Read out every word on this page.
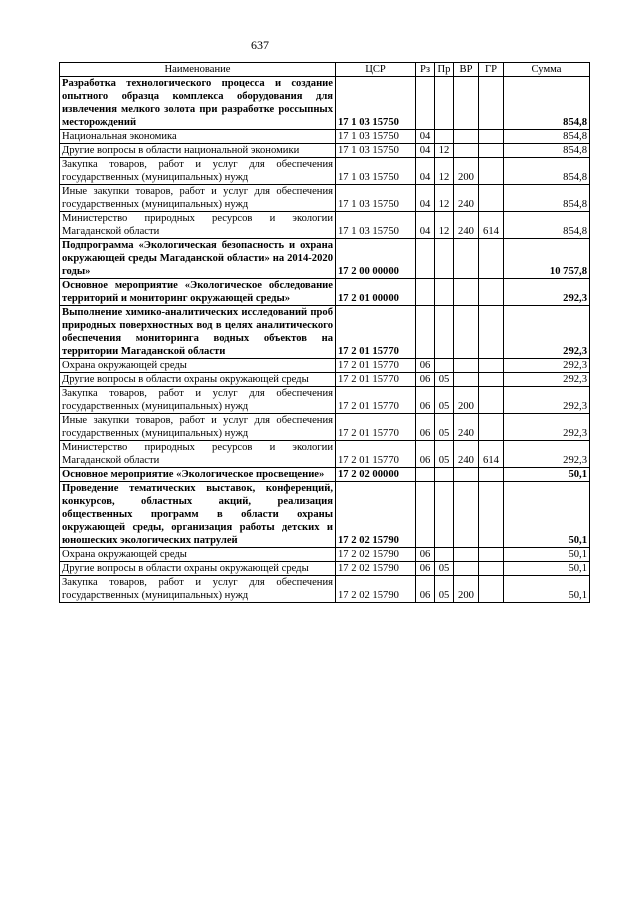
637
Наименование	ЦСР	Рз	Пр	ВР	ГР	Сумма
Разработка технологического процесса и создание опытного образца комплекса оборудования для извлечения мелкого золота при разработке россыпных месторождений	17 1 03 15750					854,8
Национальная экономика	17 1 03 15750	04				854,8
Другие вопросы в области национальной экономики	17 1 03 15750	04	12			854,8
Закупка товаров, работ и услуг для обеспечения государственных (муниципальных) нужд	17 1 03 15750	04	12	200		854,8
Иные закупки товаров, работ и услуг для обеспечения государственных (муниципальных) нужд	17 1 03 15750	04	12	240		854,8
Министерство природных ресурсов и экологии Магаданской области	17 1 03 15750	04	12	240	614	854,8
Подпрограмма «Экологическая безопасность и охрана окружающей среды Магаданской области» на 2014-2020 годы»	17 2 00 00000					10 757,8
Основное мероприятие «Экологическое обследование территорий и мониторинг окружающей среды»	17 2 01 00000					292,3
Выполнение химико-аналитических исследований проб природных поверхностных вод в целях аналитического обеспечения мониторинга водных объектов на территории Магаданской области	17 2 01 15770					292,3
Охрана окружающей среды	17 2 01 15770	06				292,3
Другие вопросы в области охраны окружающей среды	17 2 01 15770	06	05			292,3
Закупка товаров, работ и услуг для обеспечения государственных (муниципальных) нужд	17 2 01 15770	06	05	200		292,3
Иные закупки товаров, работ и услуг для обеспечения государственных (муниципальных) нужд	17 2 01 15770	06	05	240		292,3
Министерство природных ресурсов и экологии Магаданской области	17 2 01 15770	06	05	240	614	292,3
Основное мероприятие «Экологическое просвещение»	17 2 02 00000					50,1
Проведение тематических выставок, конференций, конкурсов, областных акций, реализация общественных программ в области охраны окружающей среды, организация работы детских и юношеских экологических патрулей	17 2 02 15790					50,1
Охрана окружающей среды	17 2 02 15790	06				50,1
Другие вопросы в области охраны окружающей среды	17 2 02 15790	06	05			50,1
Закупка товаров, работ и услуг для обеспечения государственных (муниципальных) нужд	17 2 02 15790	06	05	200		50,1
